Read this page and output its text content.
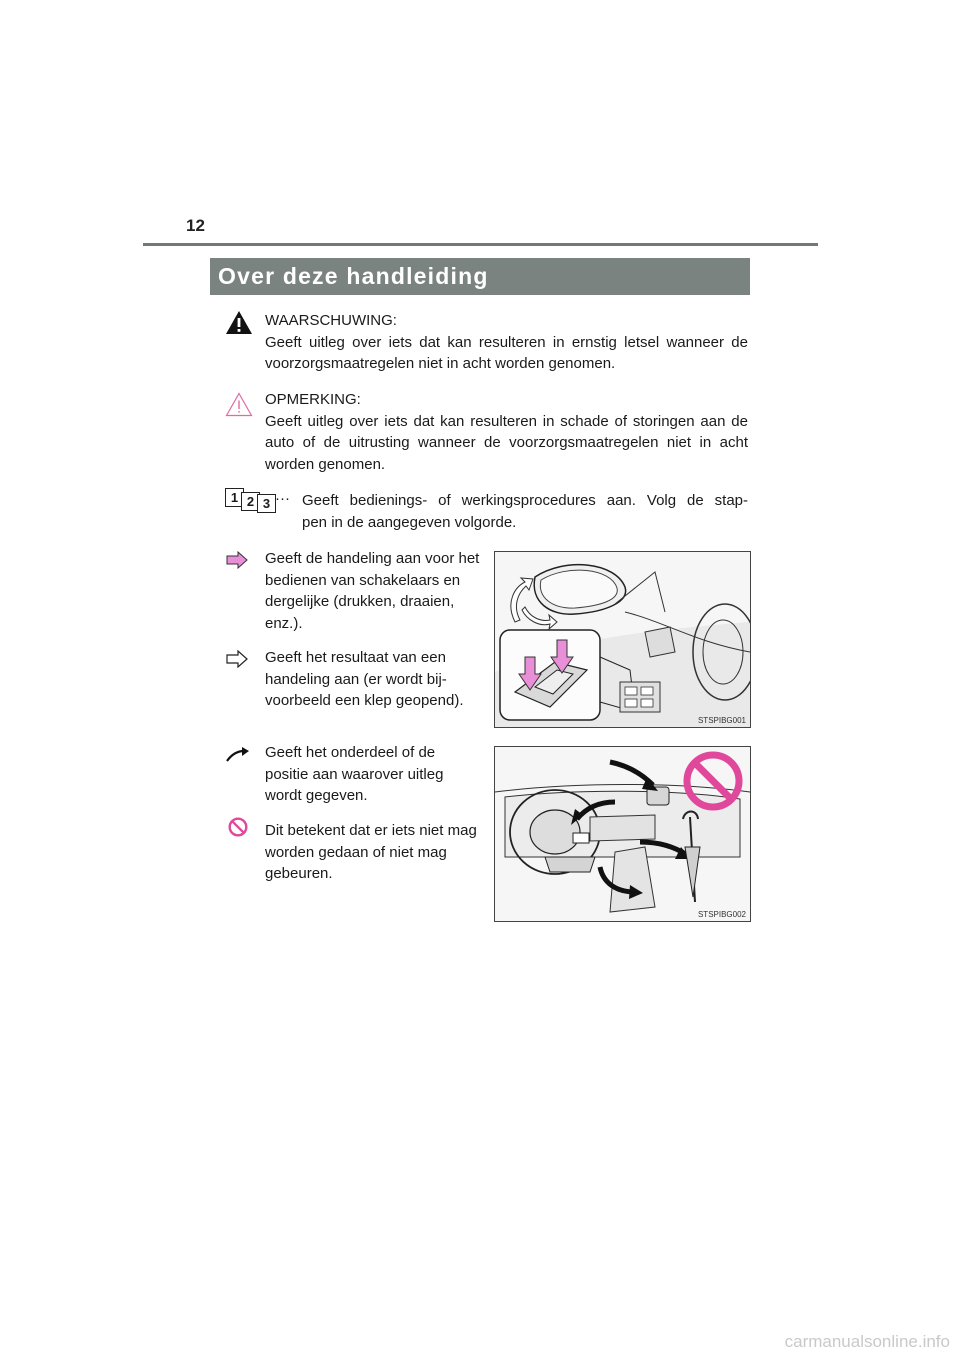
12
Over deze handleiding
WAARSCHUWING:
Geeft uitleg over iets dat kan resulteren in ernstig letsel wanneer de voorzorgsmaatregelen niet in acht worden genomen.
OPMERKING:
Geeft uitleg over iets dat kan resulteren in schade of storingen aan de auto of de uitrusting wanneer de voorzorgsmaatregelen niet in acht worden genomen.
1 2 3 ··· Geeft bedienings- of werkingsprocedures aan. Volg de stap-
pen in de aangegeven volgorde.
Geeft de handeling aan voor het bedienen van schakelaars en dergelijke (drukken, draaien, enz.).
Geeft het resultaat van een handeling aan (er wordt bij- voorbeeld een klep geopend).
STSPIBG001
Geeft het onderdeel of de positie aan waarover uitleg wordt gegeven.
Dit betekent dat er iets niet mag worden gedaan of niet mag gebeuren.
STSPIBG002
carmanualsonline.info
